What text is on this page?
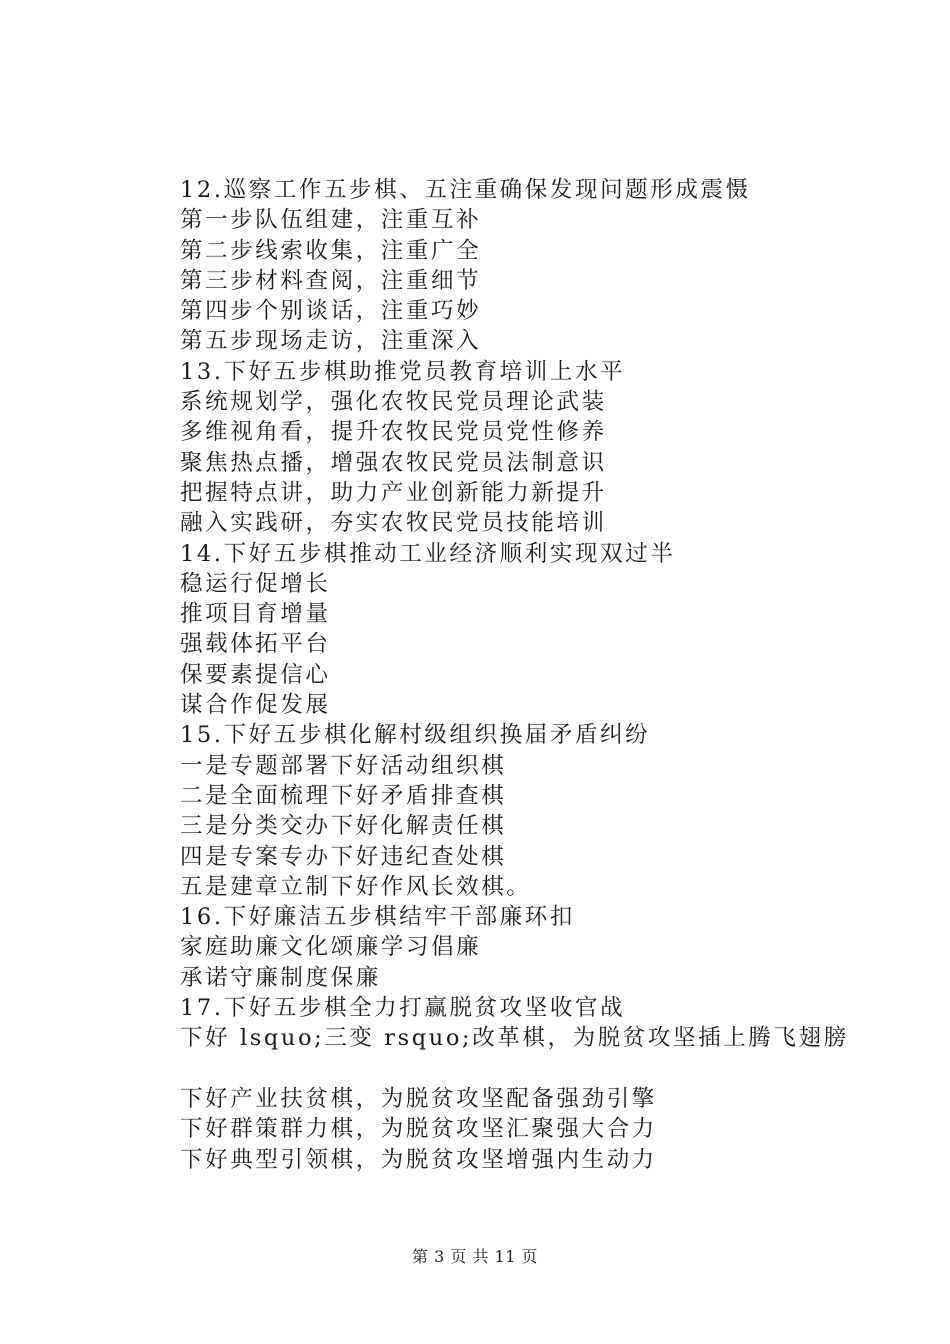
12.巡察工作五步棋、五注重确保发现问题形成震慑
第一步队伍组建，注重互补
第二步线索收集，注重广全
第三步材料查阅，注重细节
第四步个别谈话，注重巧妙
第五步现场走访，注重深入
13.下好五步棋助推党员教育培训上水平
系统规划学，强化农牧民党员理论武装
多维视角看，提升农牧民党员党性修养
聚焦热点播，增强农牧民党员法制意识
把握特点讲，助力产业创新能力新提升
融入实践研，夯实农牧民党员技能培训
14.下好五步棋推动工业经济顺利实现双过半
稳运行促增长
推项目育增量
强载体拓平台
保要素提信心
谋合作促发展
15.下好五步棋化解村级组织换届矛盾纠纷
一是专题部署下好活动组织棋
二是全面梳理下好矛盾排查棋
三是分类交办下好化解责任棋
四是专案专办下好违纪查处棋
五是建章立制下好作风长效棋。
16.下好廉洁五步棋结牢干部廉环扣
家庭助廉文化颂廉学习倡廉
承诺守廉制度保廉
17.下好五步棋全力打赢脱贫攻坚收官战
下好 lsquo;三变 rsquo;改革棋，为脱贫攻坚插上腾飞翅膀
下好产业扶贫棋，为脱贫攻坚配备强劲引擎
下好群策群力棋，为脱贫攻坚汇聚强大合力
下好典型引领棋，为脱贫攻坚增强内生动力
第 3 页 共 11 页
